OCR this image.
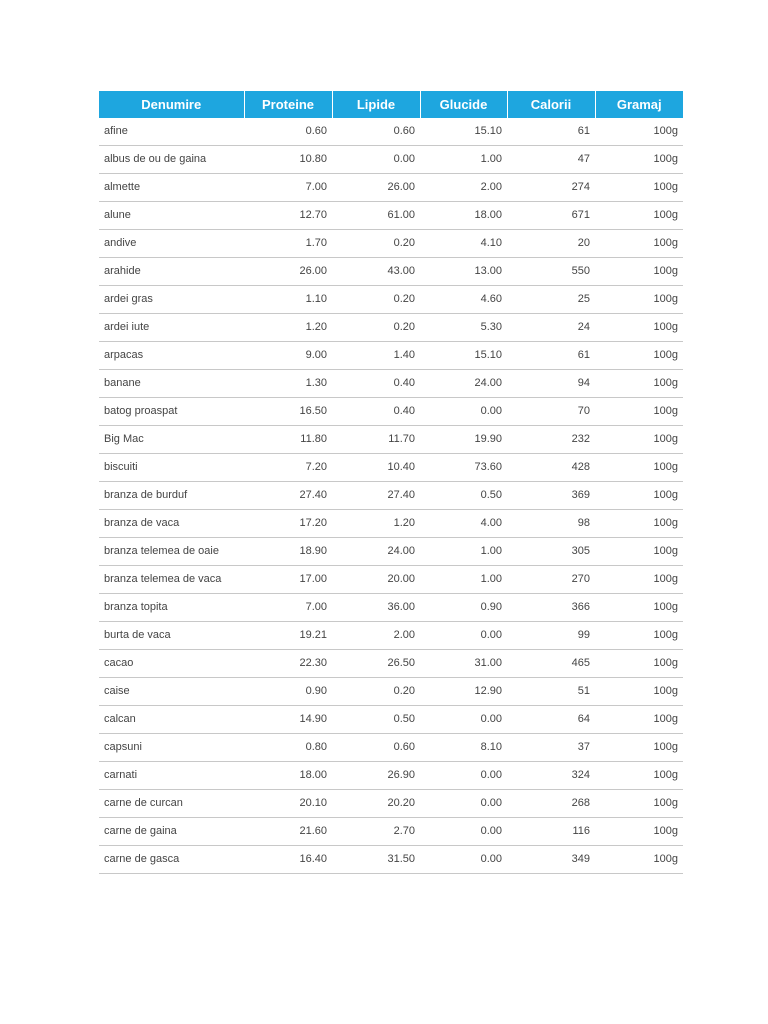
Denumire	Proteine	Lipide	Glucide	Calorii	Gramaj
afine	0.60	0.60	15.10	61	100g
albus de ou de gaina	10.80	0.00	1.00	47	100g
almette	7.00	26.00	2.00	274	100g
alune	12.70	61.00	18.00	671	100g
andive	1.70	0.20	4.10	20	100g
arahide	26.00	43.00	13.00	550	100g
ardei gras	1.10	0.20	4.60	25	100g
ardei iute	1.20	0.20	5.30	24	100g
arpacas	9.00	1.40	15.10	61	100g
banane	1.30	0.40	24.00	94	100g
batog proaspat	16.50	0.40	0.00	70	100g
Big Mac	11.80	11.70	19.90	232	100g
biscuiti	7.20	10.40	73.60	428	100g
branza de burduf	27.40	27.40	0.50	369	100g
branza de vaca	17.20	1.20	4.00	98	100g
branza telemea de oaie	18.90	24.00	1.00	305	100g
branza telemea de vaca	17.00	20.00	1.00	270	100g
branza topita	7.00	36.00	0.90	366	100g
burta de vaca	19.21	2.00	0.00	99	100g
cacao	22.30	26.50	31.00	465	100g
caise	0.90	0.20	12.90	51	100g
calcan	14.90	0.50	0.00	64	100g
capsuni	0.80	0.60	8.10	37	100g
carnati	18.00	26.90	0.00	324	100g
carne de curcan	20.10	20.20	0.00	268	100g
carne de gaina	21.60	2.70	0.00	116	100g
carne de gasca	16.40	31.50	0.00	349	100g
